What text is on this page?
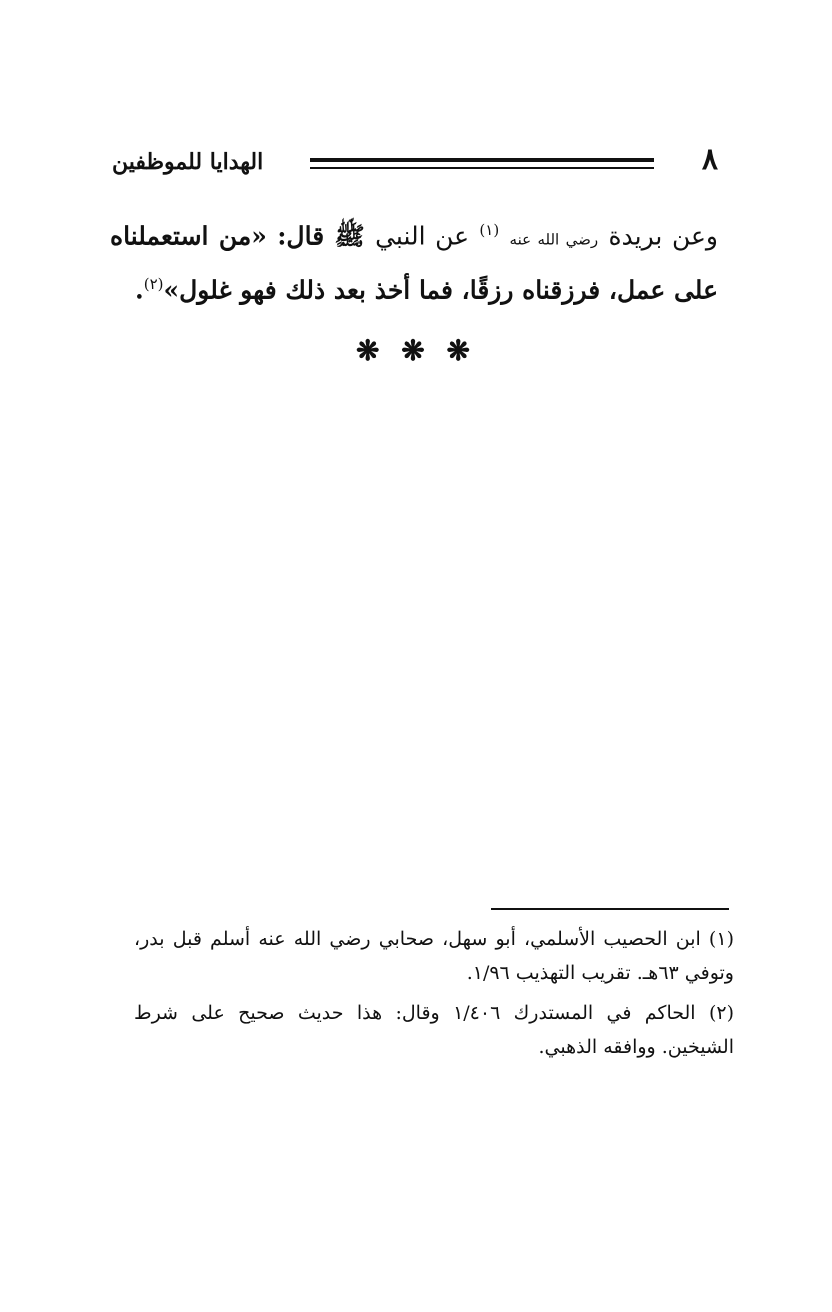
٨
الهدايا للموظفين
وعن بريدة رضي الله عنه $^{(١)}$ عن النبي ﷺ قال: «من استعملناه على عمل، فرزقناه رزقًا، فما أخذ بعد ذلك فهو غلول»$^{(٢)}$.
❋ ❋ ❋

(١) ابن الحصيب الأسلمي، أبو سهل، صحابي رضي الله عنه أسلم قبل بدر، وتوفي ٦٣هـ. تقريب التهذيب ١/٩٦.

(٢) الحاكم في المستدرك ١/٤٠٦ وقال: هذا حديث صحيح على شرط الشيخين. ووافقه الذهبي.
